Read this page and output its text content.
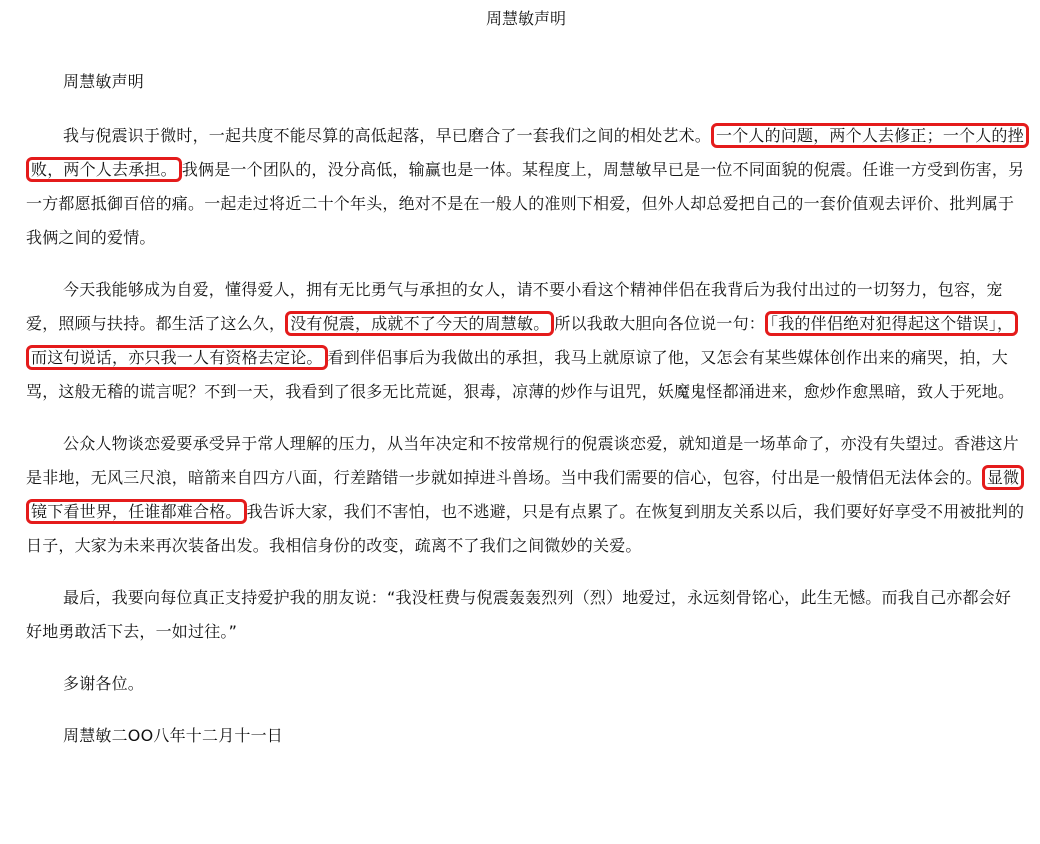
周慧敏声明

周慧敏声明

我与倪震识于微时，一起共度不能尽算的高低起落，早已磨合了一套我们之间的相处艺术。 一个人的问题，两个人去修正；一个人的挫败，两个人去承担。 我俩是一个团队的，没分高低，输赢也是一体。某程度上，周慧敏早已是一位不同面貌的倪震。任谁一方受到伤害，另一方都愿抵御百倍的痛。一起走过将近二十个年头，绝对不是在一般人的准则下相爱，但外人却总爱把自己的一套价值观去评价、批判属于我俩之间的爱情。

今天我能够成为自爱，懂得爱人，拥有无比勇气与承担的女人，请不要小看这个精神伴侣在我背后为我付出过的一切努力，包容，宠爱，照顾与扶持。都生活了这么久， 没有倪震，成就不了今天的周慧敏。 所以我敢大胆向各位说一句： 「我的伴侣绝对犯得起这个错误」，而这句说话，亦只我一人有资格去定论。 看到伴侣事后为我做出的承担，我马上就原谅了他，又怎会有某些媒体创作出来的痛哭，拍，大骂，这般无稽的谎言呢？不到一天，我看到了很多无比荒诞，狠毒，凉薄的炒作与诅咒，妖魔鬼怪都涌进来，愈炒作愈黑暗，致人于死地。

公众人物谈恋爱要承受异于常人理解的压力，从当年决定和不按常规行的倪震谈恋爱，就知道是一场革命了，亦没有失望过。香港这片是非地，无风三尺浪，暗箭来自四方八面，行差踏错一步就如掉进斗兽场。当中我们需要的信心，包容，付出是一般情侣无法体会的。 显微镜下看世界，任谁都难合格。 我告诉大家，我们不害怕，也不逃避，只是有点累了。在恢复到朋友关系以后，我们要好好享受不用被批判的日子，大家为未来再次装备出发。我相信身份的改变，疏离不了我们之间微妙的关爱。

最后，我要向每位真正支持爱护我的朋友说：“我没枉费与倪震轰轰烈列（烈）地爱过，永远刻骨铭心，此生无憾。而我自己亦都会好好地勇敢活下去，一如过往。”

多谢各位。

周慧敏二OO八年十二月十一日
